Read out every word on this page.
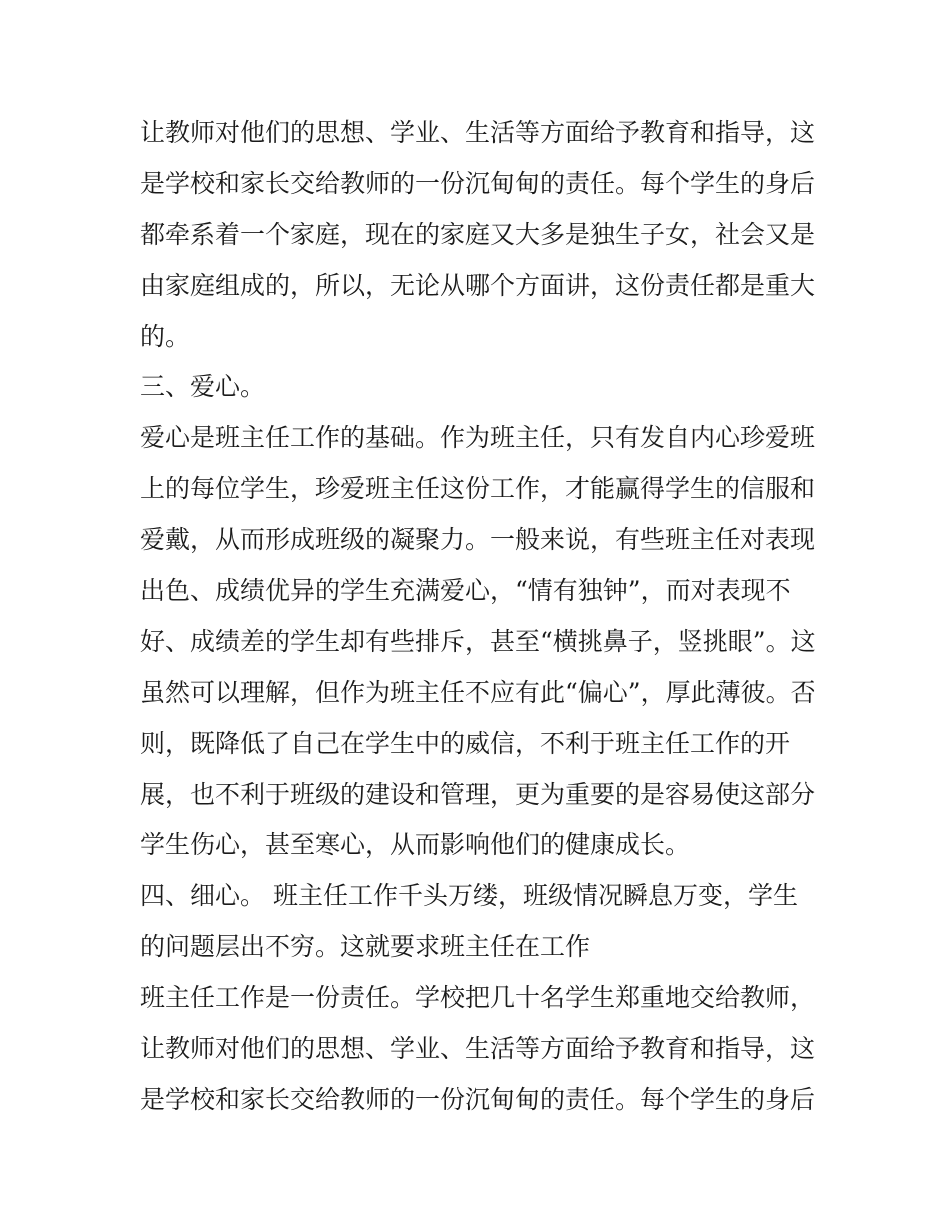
让教师对他们的思想、学业、生活等方面给予教育和指导，这
是学校和家长交给教师的一份沉甸甸的责任。每个学生的身后
都牵系着一个家庭，现在的家庭又大多是独生子女，社会又是
由家庭组成的，所以，无论从哪个方面讲，这份责任都是重大
的。
三、爱心。
爱心是班主任工作的基础。作为班主任，只有发自内心珍爱班
上的每位学生，珍爱班主任这份工作，才能赢得学生的信服和
爱戴，从而形成班级的凝聚力。一般来说，有些班主任对表现
出色、成绩优异的学生充满爱心，“情有独钟”，而对表现不
好、成绩差的学生却有些排斥，甚至“横挑鼻子，竖挑眼”。这
虽然可以理解，但作为班主任不应有此“偏心”，厚此薄彼。否
则，既降低了自己在学生中的威信，不利于班主任工作的开
展，也不利于班级的建设和管理，更为重要的是容易使这部分
学生伤心，甚至寒心，从而影响他们的健康成长。
四、细心。 班主任工作千头万缕，班级情况瞬息万变，学生
的问题层出不穷。这就要求班主任在工作
班主任工作是一份责任。学校把几十名学生郑重地交给教师，
让教师对他们的思想、学业、生活等方面给予教育和指导，这
是学校和家长交给教师的一份沉甸甸的责任。每个学生的身后
